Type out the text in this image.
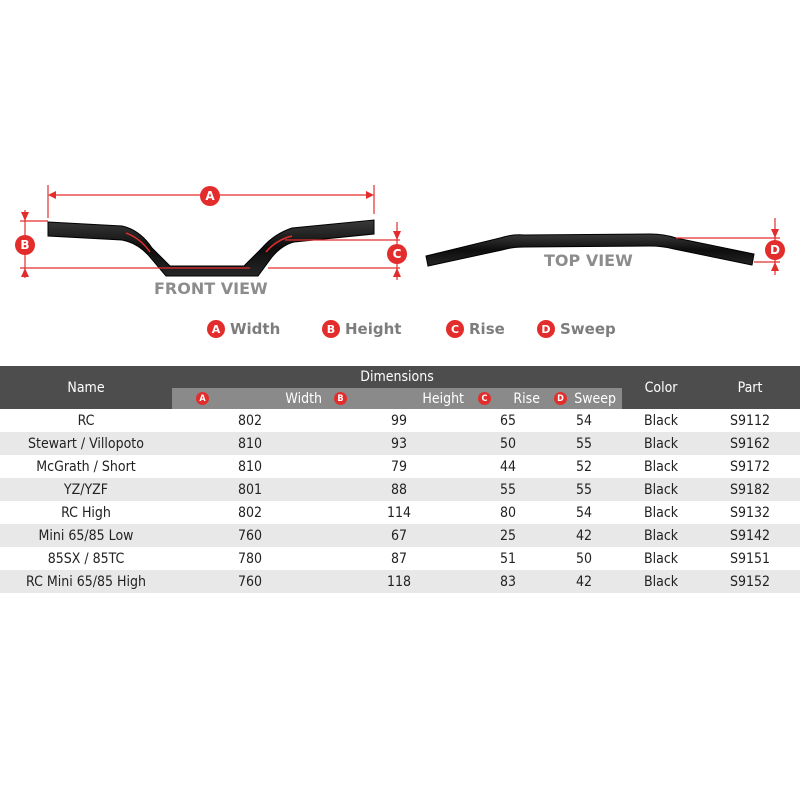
A
B
C
FRONT VIEW
D
TOP VIEW
A Width	B Height	C Rise	D Sweep
Name	Dimensions				Color	Part

A Width	B Height	C Rise	D Sweep		

RC	802	99	65	54	Black	S9112
Stewart / Villopoto	810	93	50	55	Black	S9162
McGrath / Short	810	79	44	52	Black	S9172
YZ/YZF	801	88	55	55	Black	S9182
RC High	802	114	80	54	Black	S9132
Mini 65/85 Low	760	67	25	42	Black	S9142
85SX / 85TC	780	87	51	50	Black	S9151
RC Mini 65/85 High	760	118	83	42	Black	S9152
